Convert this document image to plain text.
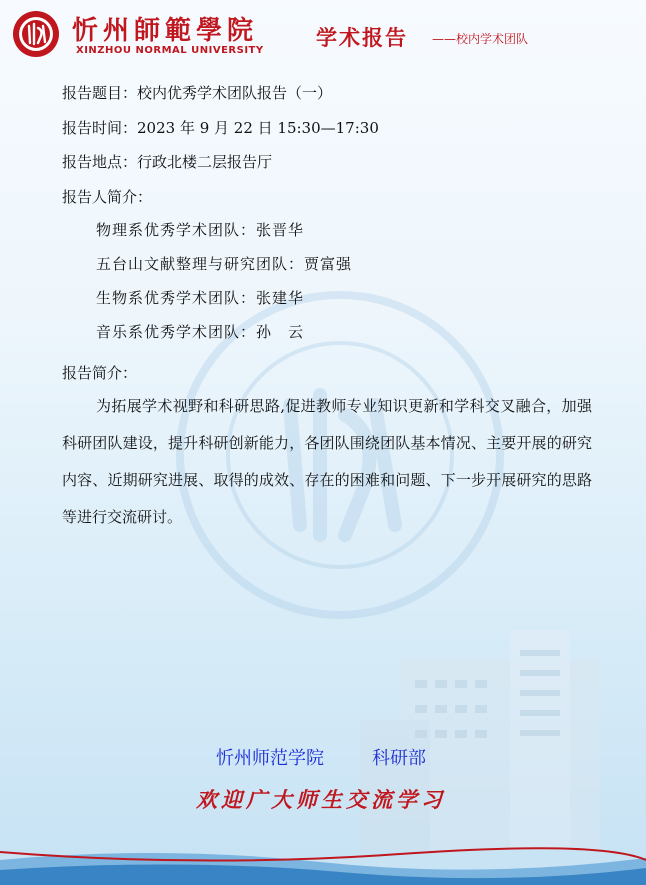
忻州師範學院
XINZHOU NORMAL UNIVERSITY
学术报告 ——校内学术团队
报告题目：校内优秀学术团队报告（一）
报告时间：2023 年 9 月 22 日 15:30—17:30
报告地点：行政北楼二层报告厅
报告人简介：
物理系优秀学术团队：张晋华
五台山文献整理与研究团队：贾富强
生物系优秀学术团队：张建华
音乐系优秀学术团队：孙　云
报告简介：
为拓展学术视野和科研思路,促进教师专业知识更新和学科交叉融合，加强科研团队建设，提升科研创新能力，各团队围绕团队基本情况、主要开展的研究内容、近期研究进展、取得的成效、存在的困难和问题、下一步开展研究的思路等进行交流研讨。
忻州师范学院	科研部
欢迎广大师生交流学习
